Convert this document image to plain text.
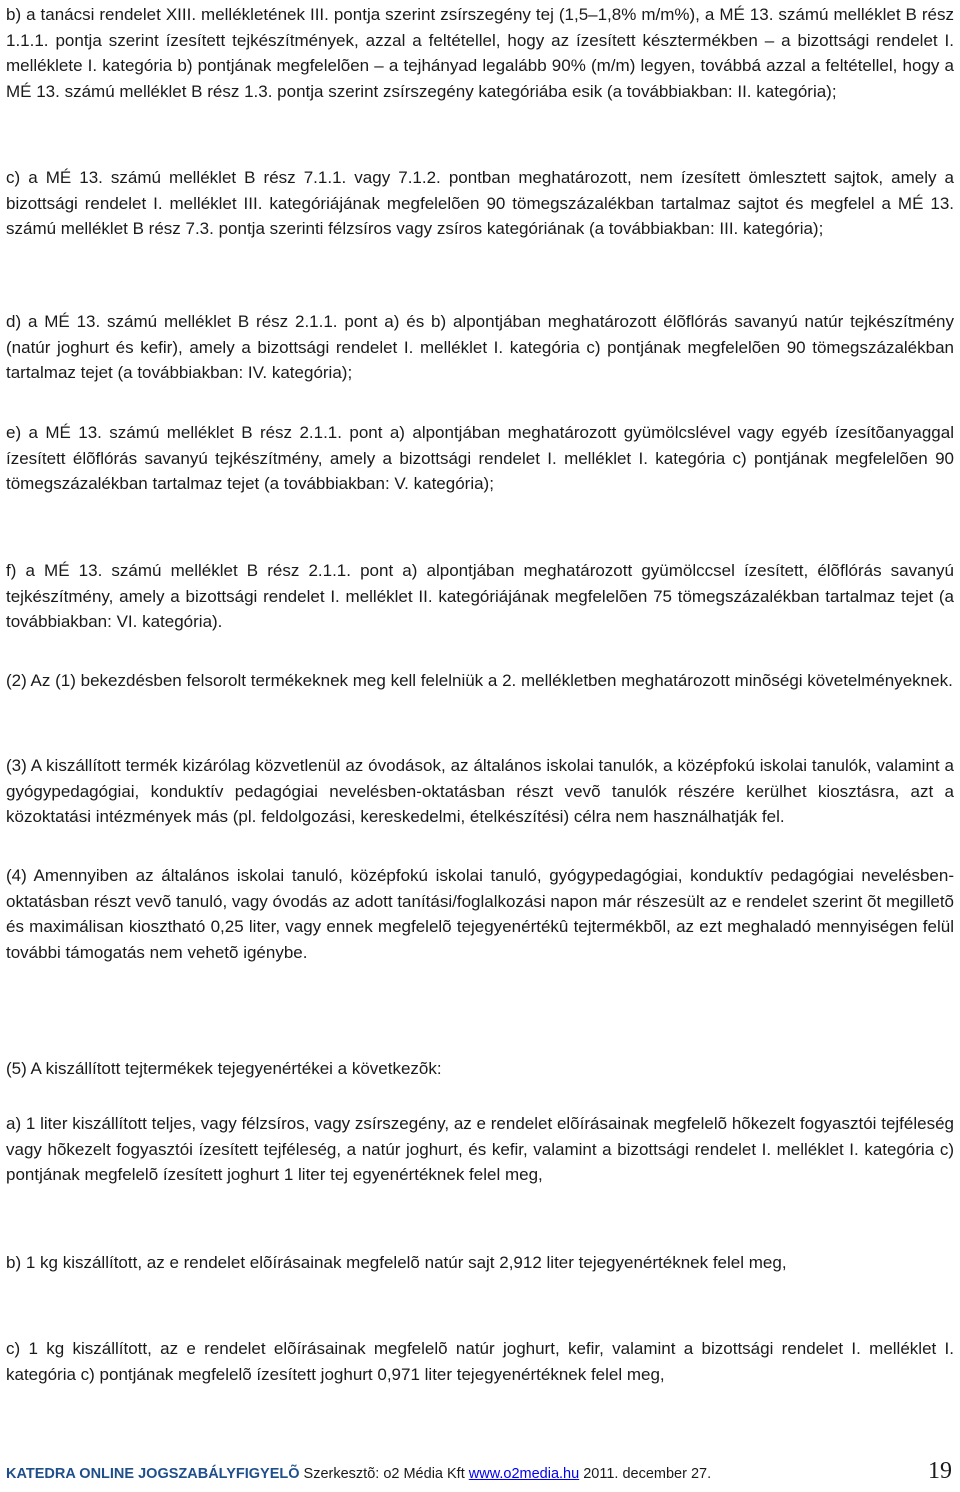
b) a tanácsi rendelet XIII. mellékletének III. pontja szerint zsírszegény tej (1,5–1,8% m/m%), a MÉ 13. számú melléklet B rész 1.1.1. pontja szerint ízesített tejkészítmények, azzal a feltétellel, hogy az ízesített késztermékben – a bizottsági rendelet I. melléklete I. kategória b) pontjának megfelelõen – a tejhányad legalább 90% (m/m) legyen, továbbá azzal a feltétellel, hogy a MÉ 13. számú melléklet B rész 1.3. pontja szerint zsírszegény kategóriába esik (a továbbiakban: II. kategória);

c) a MÉ 13. számú melléklet B rész 7.1.1. vagy 7.1.2. pontban meghatározott, nem ízesített ömlesztett sajtok, amely a bizottsági rendelet I. melléklet III. kategóriájának megfelelõen 90 tömegszázalékban tartalmaz sajtot és megfelel a MÉ 13. számú melléklet B rész 7.3. pontja szerinti félzsíros vagy zsíros kategóriának (a továbbiakban: III. kategória);

d) a MÉ 13. számú melléklet B rész 2.1.1. pont a) és b) alpontjában meghatározott élõflórás savanyú natúr tejkészítmény (natúr joghurt és kefir), amely a bizottsági rendelet I. melléklet I. kategória c) pontjának megfelelõen 90 tömegszázalékban tartalmaz tejet (a továbbiakban: IV. kategória);

e) a MÉ 13. számú melléklet B rész 2.1.1. pont a) alpontjában meghatározott gyümölcslével vagy egyéb ízesítõanyaggal ízesített élõflórás savanyú tejkészítmény, amely a bizottsági rendelet I. melléklet I. kategória c) pontjának megfelelõen 90 tömegszázalékban tartalmaz tejet (a továbbiakban: V. kategória);

f) a MÉ 13. számú melléklet B rész 2.1.1. pont a) alpontjában meghatározott gyümölccsel ízesített, élõflórás savanyú tejkészítmény, amely a bizottsági rendelet I. melléklet II. kategóriájának megfelelõen 75 tömegszázalékban tartalmaz tejet (a továbbiakban: VI. kategória).

(2) Az (1) bekezdésben felsorolt termékeknek meg kell felelniük a 2. mellékletben meghatározott minõségi követelményeknek.

(3) A kiszállított termék kizárólag közvetlenül az óvodások, az általános iskolai tanulók, a középfokú iskolai tanulók, valamint a gyógypedagógiai, konduktív pedagógiai nevelésben-oktatásban részt vevõ tanulók részére kerülhet kiosztásra, azt a közoktatási intézmények más (pl. feldolgozási, kereskedelmi, ételkészítési) célra nem használhatják fel.

(4) Amennyiben az általános iskolai tanuló, középfokú iskolai tanuló, gyógypedagógiai, konduktív pedagógiai nevelésben-oktatásban részt vevõ tanuló, vagy óvodás az adott tanítási/foglalkozási napon már részesült az e rendelet szerint õt megilletõ és maximálisan kiosztható 0,25 liter, vagy ennek megfelelõ tejegyenértékû tejtermékbõl, az ezt meghaladó mennyiségen felül további támogatás nem vehetõ igénybe.

(5) A kiszállított tejtermékek tejegyenértékei a következõk:

a) 1 liter kiszállított teljes, vagy félzsíros, vagy zsírszegény, az e rendelet elõírásainak megfelelõ hõkezelt fogyasztói tejféleség vagy hõkezelt fogyasztói ízesített tejféleség, a natúr joghurt, és kefir, valamint a bizottsági rendelet I. melléklet I. kategória c) pontjának megfelelõ ízesített joghurt 1 liter tej egyenértéknek felel meg,

b) 1 kg kiszállított, az e rendelet elõírásainak megfelelõ natúr sajt 2,912 liter tejegyenértéknek felel meg,

c) 1 kg kiszállított, az e rendelet elõírásainak megfelelõ natúr joghurt, kefir, valamint a bizottsági rendelet I. melléklet I. kategória c) pontjának megfelelõ ízesített joghurt 0,971 liter tejegyenértéknek felel meg,

KATEDRA ONLINE JOGSZABÁLYFIGYELÕ Szerkesztõ: o2 Média Kft www.o2media.hu 2011. december 27.	19
